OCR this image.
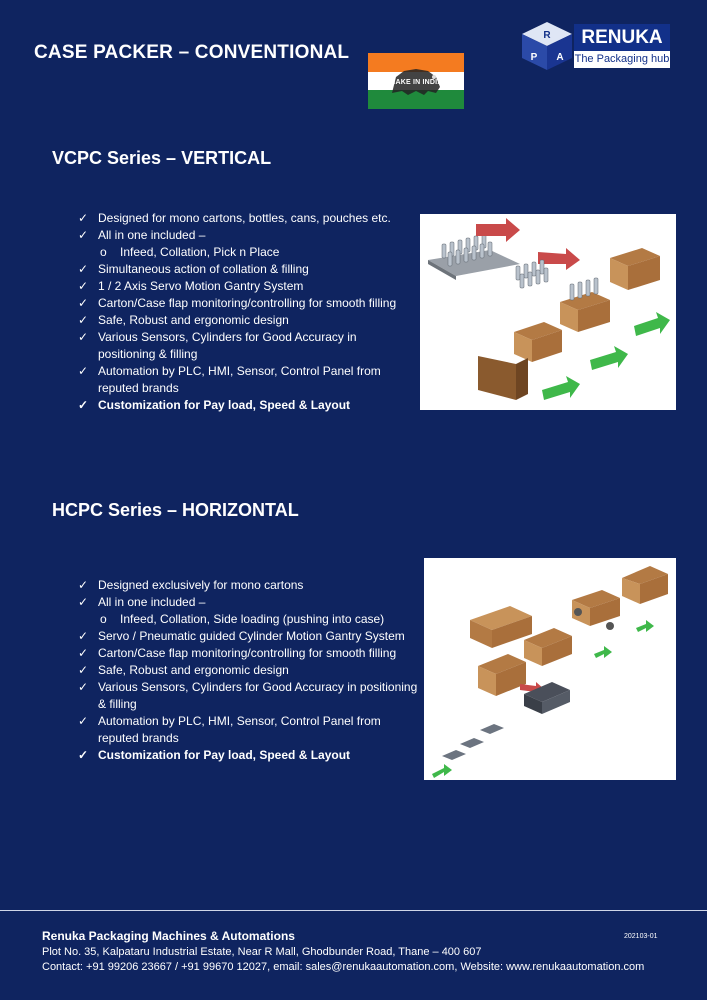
CASE PACKER – CONVENTIONAL
MAKE IN INDIA
R
P A
RENUKA
The Packaging hub
VCPC Series – VERTICAL
✓ Designed for mono cartons, bottles, cans, pouches etc.
✓ All in one included –
o	Infeed, Collation, Pick n Place
✓ Simultaneous action of collation & filling
✓ 1 / 2 Axis Servo Motion Gantry System
✓ Carton/Case flap monitoring/controlling for smooth filling
✓ Safe, Robust and ergonomic design
✓ Various Sensors, Cylinders for Good Accuracy in positioning & filling
✓ Automation by PLC, HMI, Sensor, Control Panel from reputed brands
✓ Customization for Pay load, Speed & Layout
HCPC Series – HORIZONTAL
✓ Designed exclusively for mono cartons
✓ All in one included –
o	Infeed, Collation, Side loading (pushing into case)
✓ Servo / Pneumatic guided Cylinder Motion Gantry System
✓ Carton/Case flap monitoring/controlling for smooth filling
✓ Safe, Robust and ergonomic design
✓ Various Sensors, Cylinders for Good Accuracy in positioning & filling
✓ Automation by PLC, HMI, Sensor, Control Panel from reputed brands
✓ Customization for Pay load, Speed & Layout
Renuka Packaging Machines & Automations
Plot No. 35, Kalpataru Industrial Estate, Near R Mall, Ghodbunder Road, Thane – 400 607
Contact: +91 99206 23667 / +91 99670 12027, email: sales@renukaautomation.com, Website: www.renukaautomation.com
202103-01
